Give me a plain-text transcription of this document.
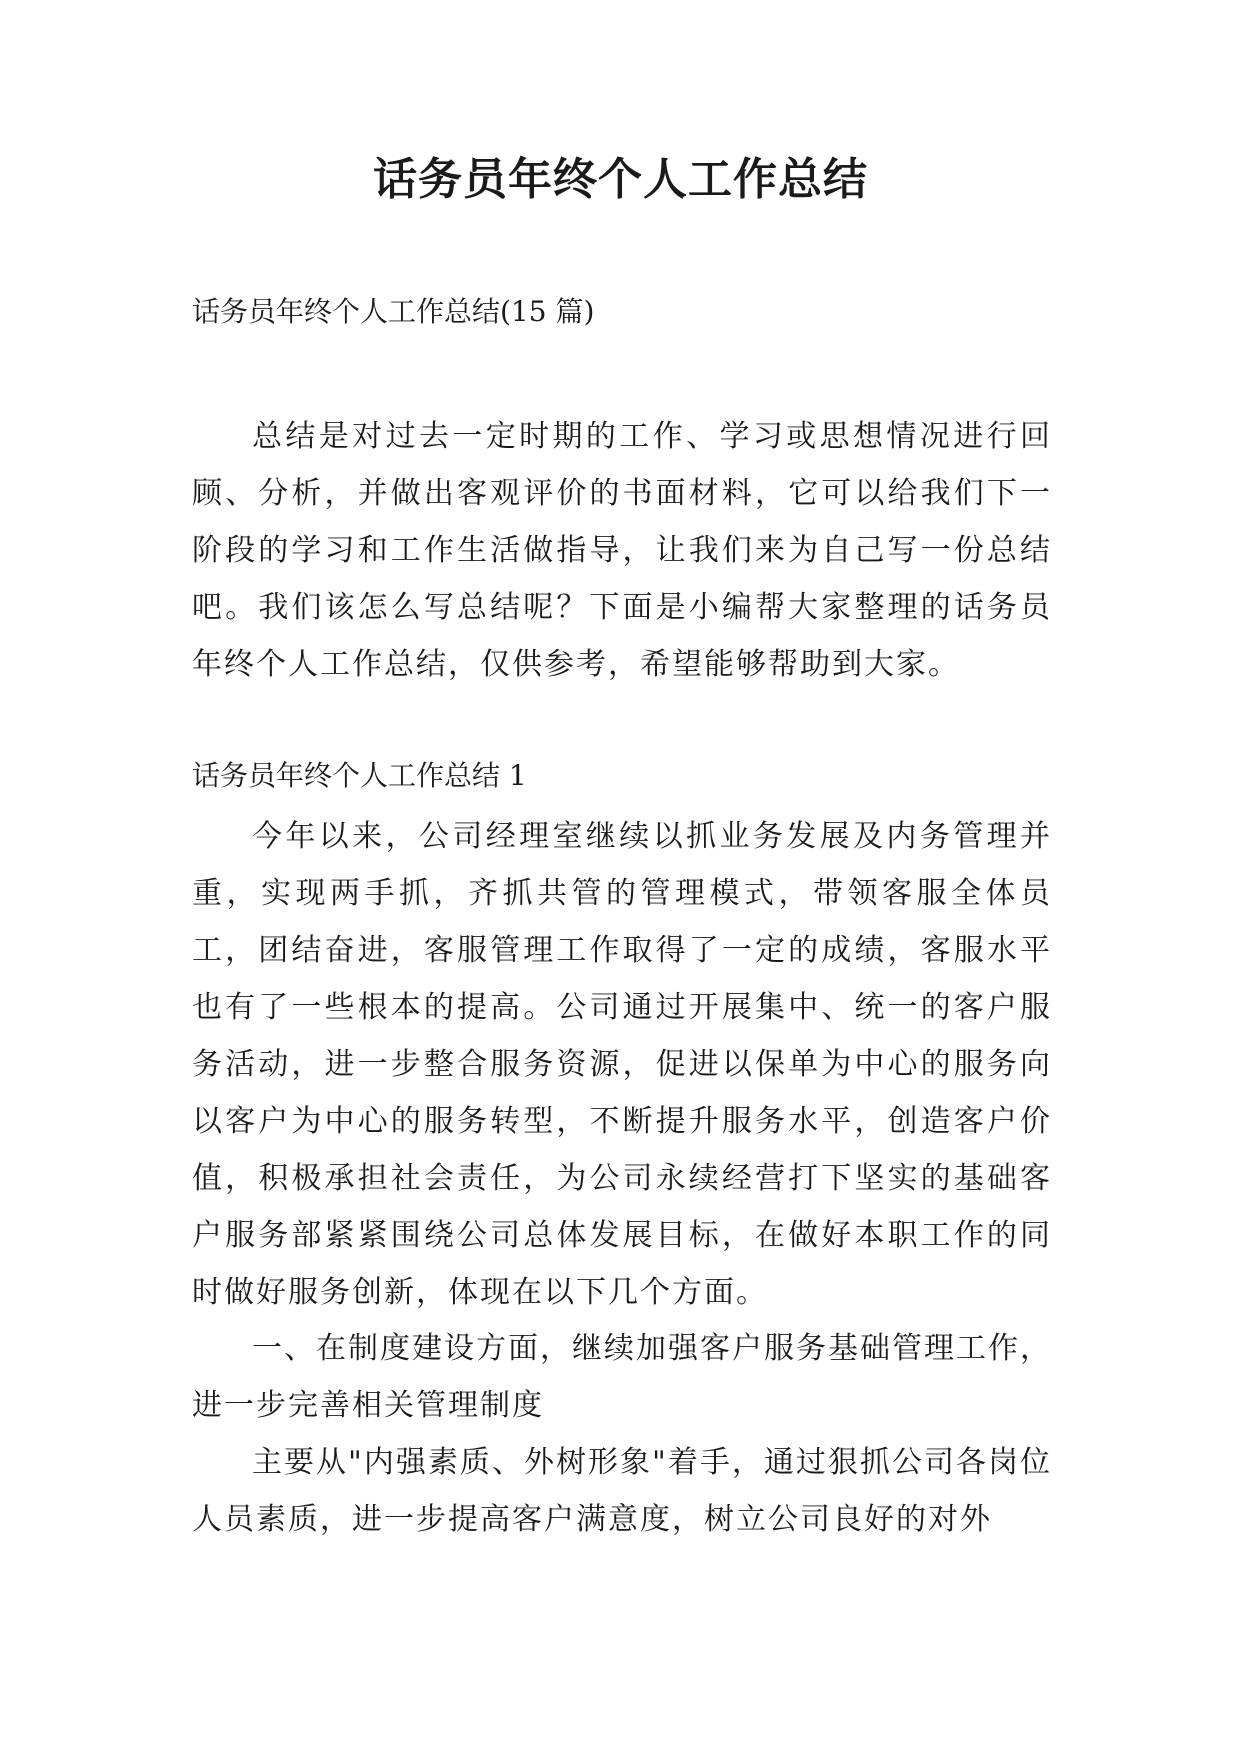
话务员年终个人工作总结
话务员年终个人工作总结(15 篇)

总结是对过去一定时期的工作、学习或思想情况进行回顾、分析，并做出客观评价的书面材料，它可以给我们下一阶段的学习和工作生活做指导，让我们来为自己写一份总结吧。我们该怎么写总结呢？下面是小编帮大家整理的话务员年终个人工作总结，仅供参考，希望能够帮助到大家。

话务员年终个人工作总结 1

今年以来，公司经理室继续以抓业务发展及内务管理并重，实现两手抓，齐抓共管的管理模式，带领客服全体员工，团结奋进，客服管理工作取得了一定的成绩，客服水平也有了一些根本的提高。公司通过开展集中、统一的客户服务活动，进一步整合服务资源，促进以保单为中心的服务向以客户为中心的服务转型，不断提升服务水平，创造客户价值，积极承担社会责任，为公司永续经营打下坚实的基础客户服务部紧紧围绕公司总体发展目标，在做好本职工作的同时做好服务创新，体现在以下几个方面。

一、在制度建设方面，继续加强客户服务基础管理工作，进一步完善相关管理制度

主要从"内强素质、外树形象"着手，通过狠抓公司各岗位人员素质，进一步提高客户满意度，树立公司良好的对外
